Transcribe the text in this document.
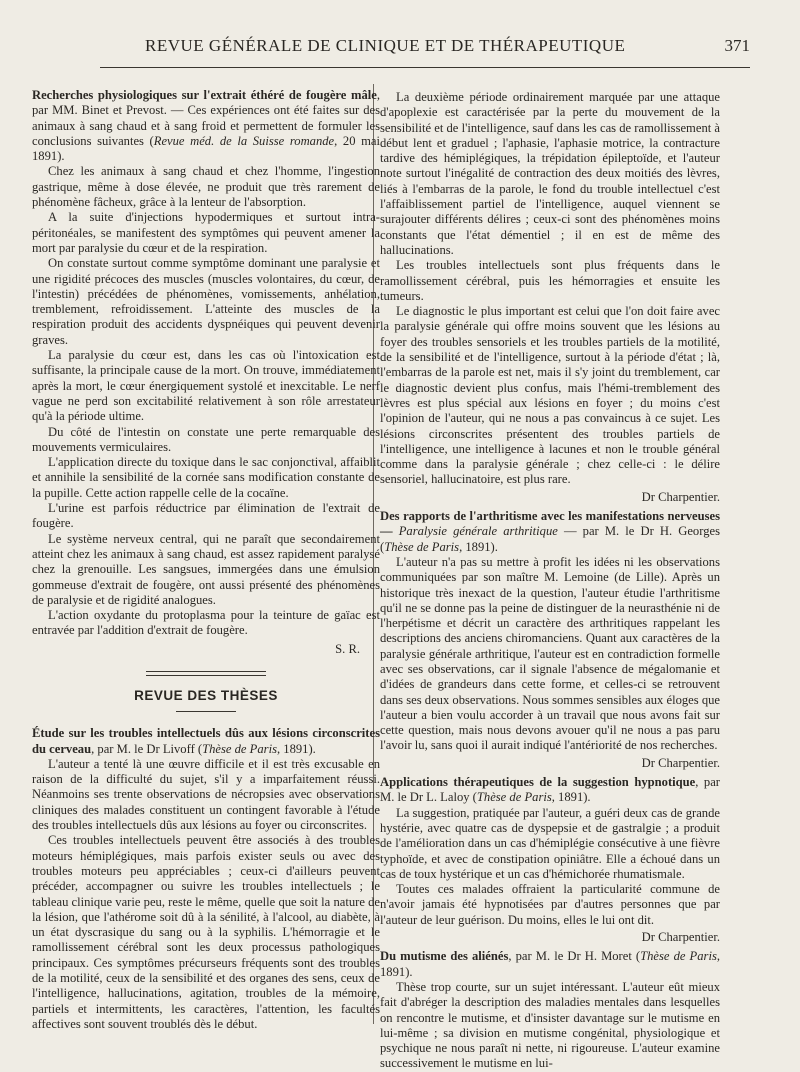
REVUE GÉNÉRALE DE CLINIQUE ET DE THÉRAPEUTIQUE	371

Recherches physiologiques sur l'extrait éthéré de fougère mâle, par MM. Binet et Prevost. — Ces expériences ont été faites sur des animaux à sang chaud et à sang froid et permettent de formuler les conclusions suivantes (Revue méd. de la Suisse romande, 20 mai 1891).

Chez les animaux à sang chaud et chez l'homme, l'ingestion gastrique, même à dose élevée, ne produit que très rarement de phénomène fâcheux, grâce à la lenteur de l'absorption.

A la suite d'injections hypodermiques et surtout intra-péritonéales, se manifestent des symptômes qui peuvent amener la mort par paralysie du cœur et de la respiration.

On constate surtout comme symptôme dominant une paralysie et une rigidité précoces des muscles (muscles volontaires, du cœur, de l'intestin) précédées de phénomènes, vomissements, anhélation, tremblement, refroidissement. L'atteinte des muscles de la respiration produit des accidents dyspnéiques qui peuvent devenir graves.

La paralysie du cœur est, dans les cas où l'intoxication est suffisante, la principale cause de la mort. On trouve, immédiatement après la mort, le cœur énergiquement systolé et inexcitable. Le nerf vague ne perd son excitabilité relativement à son rôle arrestateur qu'à la période ultime.

Du côté de l'intestin on constate une perte remarquable des mouvements vermiculaires.

L'application directe du toxique dans le sac conjonctival, affaiblit et annihile la sensibilité de la cornée sans modification constante de la pupille. Cette action rappelle celle de la cocaïne.

L'urine est parfois réductrice par élimination de l'extrait de fougère.

Le système nerveux central, qui ne paraît que secondairement atteint chez les animaux à sang chaud, est assez rapidement paralysé chez la grenouille. Les sangsues, immergées dans une émulsion gommeuse d'extrait de fougère, ont aussi présenté des phénomènes de paralysie et de rigidité analogues.

L'action oxydante du protoplasma pour la teinture de gaïac est entravée par l'addition d'extrait de fougère.

S. R.
REVUE DES THÈSES

Étude sur les troubles intellectuels dûs aux lésions circonscrites du cerveau, par M. le Dr Livoff (Thèse de Paris, 1891).

L'auteur a tenté là une œuvre difficile et il est très excusable en raison de la difficulté du sujet, s'il y a imparfaitement réussi. Néanmoins ses trente observations de nécropsies avec observations cliniques des malades constituent un contingent favorable à l'étude des troubles intellectuels dûs aux lésions au foyer ou circonscrites.

Ces troubles intellectuels peuvent être associés à des troubles moteurs hémiplégiques, mais parfois exister seuls ou avec des troubles moteurs peu appréciables ; ceux-ci d'ailleurs peuvent précéder, accompagner ou suivre les troubles intellectuels ; le tableau clinique varie peu, reste le même, quelle que soit la nature de la lésion, que l'athérome soit dû à la sénilité, à l'alcool, au diabète, à un état dyscrasique du sang ou à la syphilis. L'hémorragie et le ramollissement cérébral sont les deux processus pathologiques principaux. Ces symptômes précurseurs fréquents sont des troubles de la motilité, ceux de la sensibilité et des organes des sens, ceux de l'intelligence, hallucinations, agitation, troubles de la mémoire, partiels et intermittents, les caractères, l'attention, les facultés affectives sont souvent troublés dès le début.

La deuxième période ordinairement marquée par une attaque d'apoplexie est caractérisée par la perte du mouvement de la sensibilité et de l'intelligence, sauf dans les cas de ramollissement à début lent et graduel ; l'aphasie, l'aphasie motrice, la contracture tardive des hémiplégiques, la trépidation épileptoïde, et l'auteur note surtout l'inégalité de contraction des deux moitiés des lèvres, liés à l'embarras de la parole, le fond du trouble intellectuel c'est l'affaiblissement partiel de l'intelligence, auquel viennent se surajouter différents délires ; ceux-ci sont des phénomènes moins constants que l'état démentiel ; il en est de même des hallucinations.

Les troubles intellectuels sont plus fréquents dans le ramollissement cérébral, puis les hémorragies et ensuite les tumeurs.

Le diagnostic le plus important est celui que l'on doit faire avec la paralysie générale qui offre moins souvent que les lésions au foyer des troubles sensoriels et les troubles partiels de la motilité, de la sensibilité et de l'intelligence, surtout à la période d'état ; là, l'embarras de la parole est net, mais il s'y joint du tremblement, car le diagnostic devient plus confus, mais l'hémi-tremblement des lèvres est plus spécial aux lésions en foyer ; du moins c'est l'opinion de l'auteur, qui ne nous a pas convaincus à ce sujet. Les lésions circonscrites présentent des troubles partiels de l'intelligence, une intelligence à lacunes et non le trouble général comme dans la paralysie générale ; chez celle-ci : le délire sensoriel, hallucinatoire, est plus rare.

Dr Charpentier.

Des rapports de l'arthritisme avec les manifestations nerveuses — Paralysie générale arthritique — par M. le Dr H. Georges (Thèse de Paris, 1891).

L'auteur n'a pas su mettre à profit les idées ni les observations communiquées par son maître M. Lemoine (de Lille). Après un historique très inexact de la question, l'auteur étudie l'arthritisme qu'il ne se donne pas la peine de distinguer de la neurasthénie ni de l'herpétisme et décrit un caractère des arthritiques rappelant les descriptions des anciens chiromanciens. Quant aux caractères de la paralysie générale arthritique, l'auteur est en contradiction formelle avec ses observations, car il signale l'absence de mégalomanie et d'idées de grandeurs dans cette forme, et celles-ci se retrouvent dans ses deux observations. Nous sommes sensibles aux éloges que l'auteur a bien voulu accorder à un travail que nous avons fait sur cette question, mais nous devons avouer qu'il ne nous a pas paru l'avoir lu, sans quoi il aurait indiqué l'antériorité de nos recherches.

Dr Charpentier.

Applications thérapeutiques de la suggestion hypnotique, par M. le Dr L. Laloy (Thèse de Paris, 1891).

La suggestion, pratiquée par l'auteur, a guéri deux cas de grande hystérie, avec quatre cas de dyspepsie et de gastralgie ; a produit de l'amélioration dans un cas d'hémiplégie consécutive à une fièvre typhoïde, et avec de constipation opiniâtre. Elle a échoué dans un cas de toux hystérique et un cas d'hémichorée rhumatismale.

Toutes ces malades offraient la particularité commune de n'avoir jamais été hypnotisées par d'autres personnes que par l'auteur de leur guérison. Du moins, elles le lui ont dit.

Dr Charpentier.

Du mutisme des aliénés, par M. le Dr H. Moret (Thèse de Paris, 1891).

Thèse trop courte, sur un sujet intéressant. L'auteur eût mieux fait d'abréger la description des maladies mentales dans lesquelles on rencontre le mutisme, et d'insister davantage sur le mutisme en lui-même ; sa division en mutisme congénital, physiologique et psychique ne nous paraît ni nette, ni rigoureuse. L'auteur examine successivement le mutisme en lui-
